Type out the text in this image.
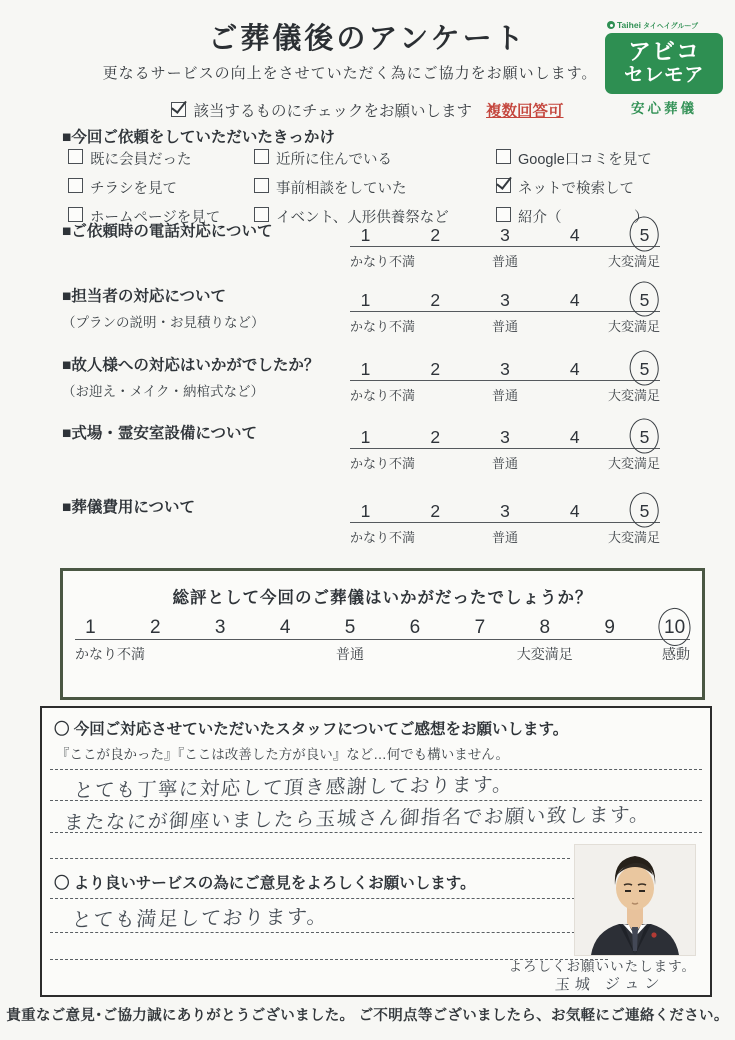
ご葬儀後のアンケート
更なるサービスの向上をさせていただく為にご協力をお願いします。
Taihei タイヘイグループ
アビコ
セレモア
安心葬儀
該当するものにチェックをお願いします 複数回答可
■今回ご依頼をしていただいたきっかけ
既に会員だった
チラシを見て
ホームページを見て
近所に住んでいる
事前相談をしていた
イベント、人形供養祭など
Google口コミを見て
ネットで検索して
紹介（　　　　　）
■ご依頼時の電話対応について	1	2	3	4	5
かなり不満	普通	大変満足
■担当者の対応について
（プランの説明・お見積りなど）
1	2	3	4	5
かなり不満	普通	大変満足
■故人様への対応はいかがでしたか？
（お迎え・メイク・納棺式など）
1	2	3	4	5
かなり不満	普通	大変満足
■式場・霊安室設備について	1	2	3	4	5
かなり不満	普通	大変満足
■葬儀費用について	1	2	3	4	5
かなり不満	普通	大変満足
総評として今回のご葬儀はいかがだったでしょうか？
1	2	3	4	5	6	7	8	9	10
かなり不満	普通	大変満足	感動
〇 今回ご対応させていただいたスタッフについてご感想をお願いします。
『ここが良かった』『ここは改善した方が良い』など…何でも構いません。
とても丁寧に対応して頂き感謝しております。
またなにが御座いましたら玉城さん御指名でお願い致します。
〇 より良いサービスの為にご意見をよろしくお願いします。
とても満足しております。
よろしくお願いいたします。
玉城 ジュン
貴重なご意見･ご協力誠にありがとうございました。 ご不明点等ございましたら、お気軽にご連絡ください。
